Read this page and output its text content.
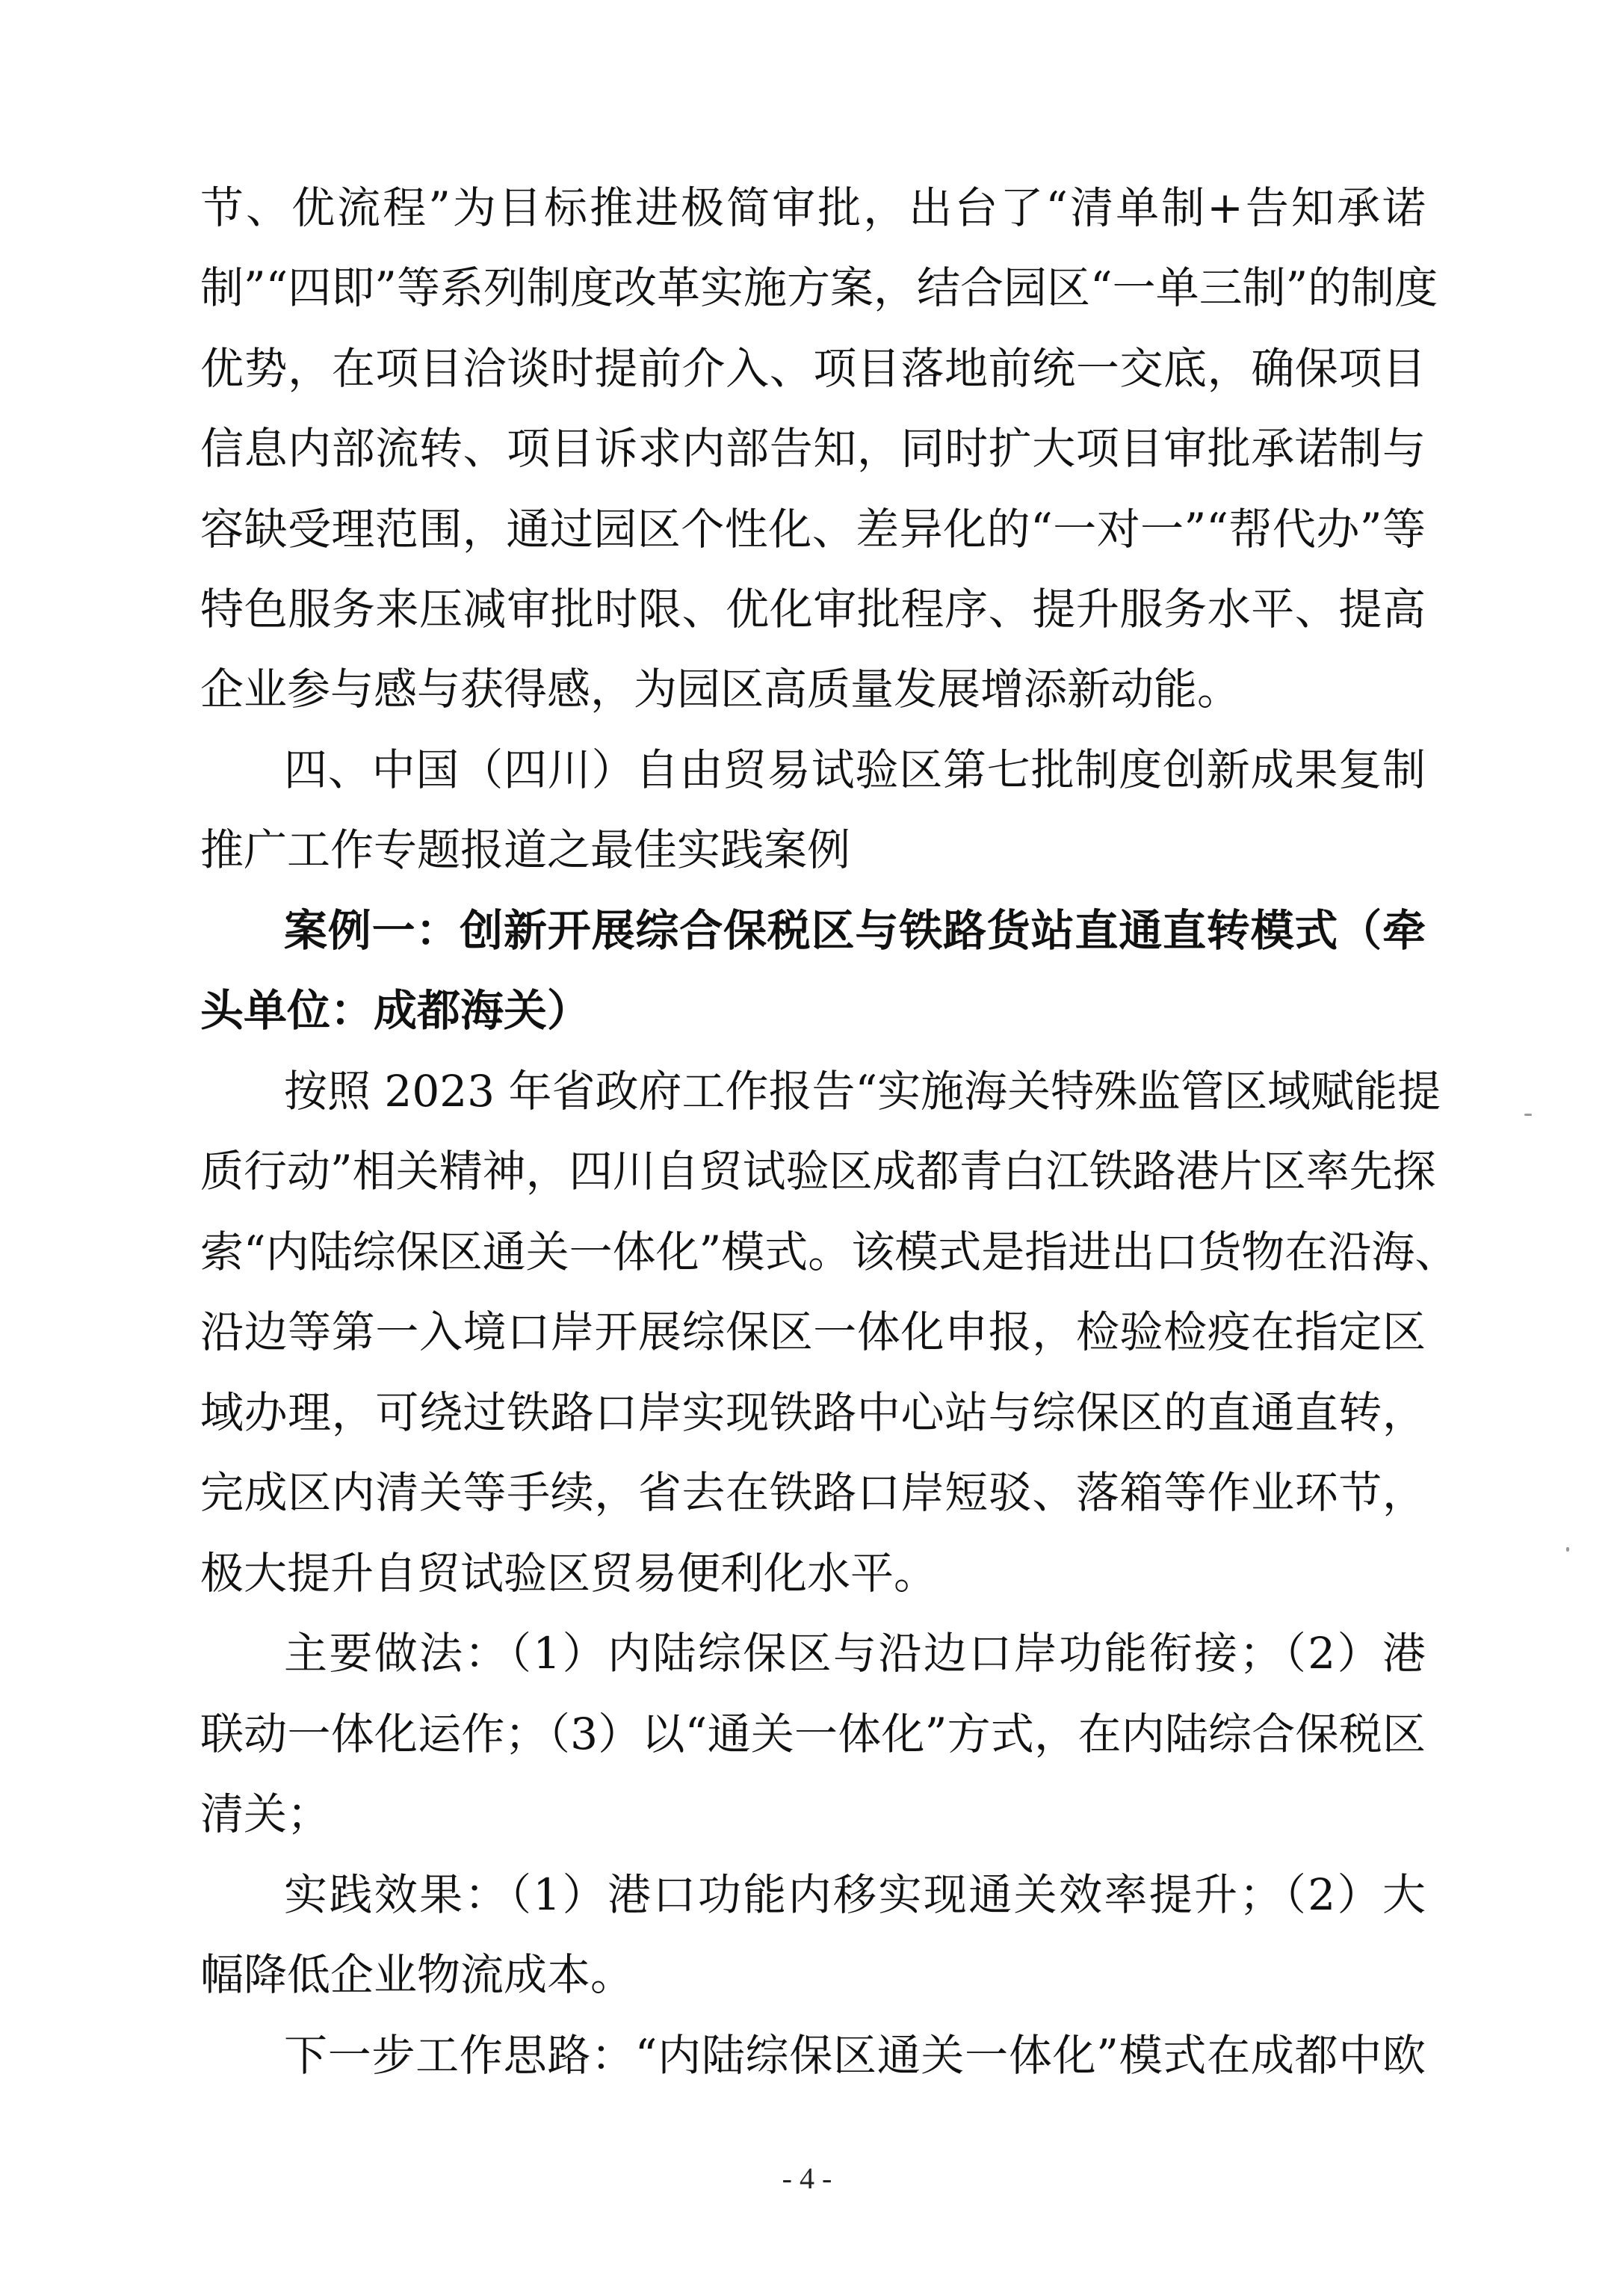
节、优流程”为目标推进极简审批，出台了“清单制+告知承诺
制”“四即”等系列制度改革实施方案，结合园区“一单三制”的制度
优势，在项目洽谈时提前介入、项目落地前统一交底，确保项目
信息内部流转、项目诉求内部告知，同时扩大项目审批承诺制与
容缺受理范围，通过园区个性化、差异化的“一对一”“帮代办”等
特色服务来压减审批时限、优化审批程序、提升服务水平、提高
企业参与感与获得感，为园区高质量发展增添新动能。
四、中国（四川）自由贸易试验区第七批制度创新成果复制
推广工作专题报道之最佳实践案例
案例一：创新开展综合保税区与铁路货站直通直转模式（牵
头单位：成都海关）
按照 2023 年省政府工作报告“实施海关特殊监管区域赋能提
质行动”相关精神，四川自贸试验区成都青白江铁路港片区率先探
索“内陆综保区通关一体化”模式。该模式是指进出口货物在沿海、
沿边等第一入境口岸开展综保区一体化申报，检验检疫在指定区
域办理，可绕过铁路口岸实现铁路中心站与综保区的直通直转，
完成区内清关等手续，省去在铁路口岸短驳、落箱等作业环节，
极大提升自贸试验区贸易便利化水平。
主要做法：（1）内陆综保区与沿边口岸功能衔接；（2）港
联动一体化运作；（3）以“通关一体化”方式，在内陆综合保税区
清关；
实践效果：（1）港口功能内移实现通关效率提升；（2）大
幅降低企业物流成本。
下一步工作思路：“内陆综保区通关一体化”模式在成都中欧
- 4 -
